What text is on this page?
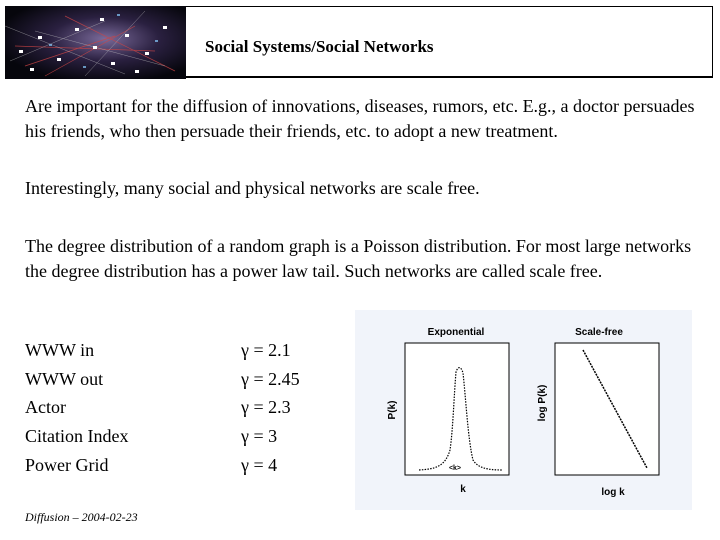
Social Systems/Social Networks

Are important for the diffusion of innovations, diseases, rumors, etc. E.g., a doctor persuades his friends, who then persuade their friends, etc. to adopt a new treatment.

Interestingly, many social and physical networks are scale free.

The degree distribution of a random graph is a Poisson distribution. For most large networks the degree distribution has a power law tail. Such networks are called scale free.

WWW in	γ = 2.1
WWW out	γ = 2.45
Actor	γ = 2.3
Citation Index	γ = 3
Power Grid	γ = 4
Exponential
<k>
k
P(k)
Scale-free
log k
log P(k)
Diffusion – 2004-02-23
